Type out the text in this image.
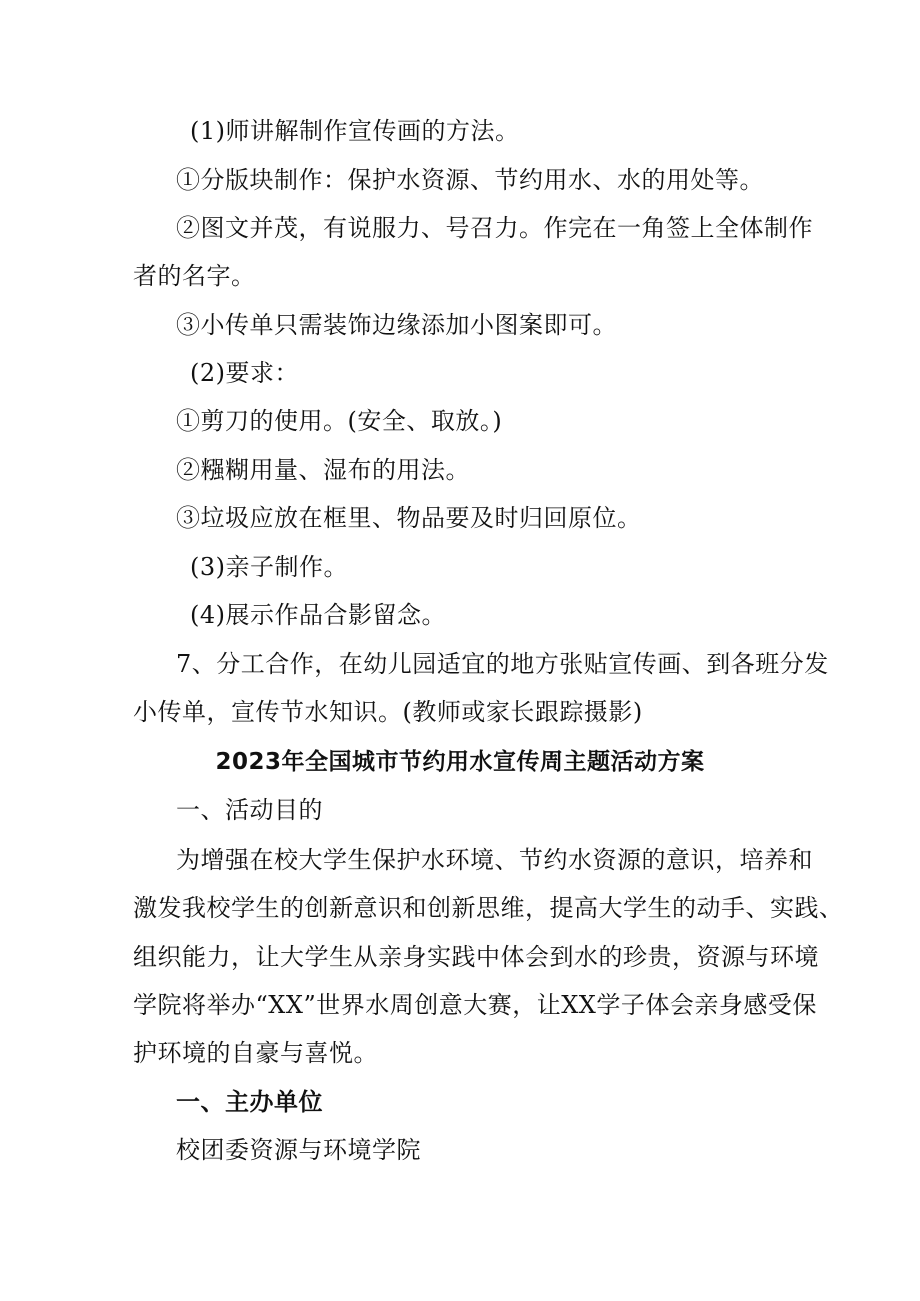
(1)师讲解制作宣传画的方法。
①分版块制作：保护水资源、节约用水、水的用处等。
②图文并茂，有说服力、号召力。作完在一角签上全体制作
者的名字。
③小传单只需装饰边缘添加小图案即可。
(2)要求：
①剪刀的使用。(安全、取放。)
②糨糊用量、湿布的用法。
③垃圾应放在框里、物品要及时归回原位。
(3)亲子制作。
(4)展示作品合影留念。
7、分工合作，在幼儿园适宜的地方张贴宣传画、到各班分发
小传单，宣传节水知识。(教师或家长跟踪摄影)
2023年全国城市节约用水宣传周主题活动方案
一、活动目的
为增强在校大学生保护水环境、节约水资源的意识，培养和
激发我校学生的创新意识和创新思维，提高大学生的动手、实践、
组织能力，让大学生从亲身实践中体会到水的珍贵，资源与环境
学院将举办“XX”世界水周创意大赛，让XX学子体会亲身感受保
护环境的自豪与喜悦。
一、主办单位
校团委资源与环境学院
